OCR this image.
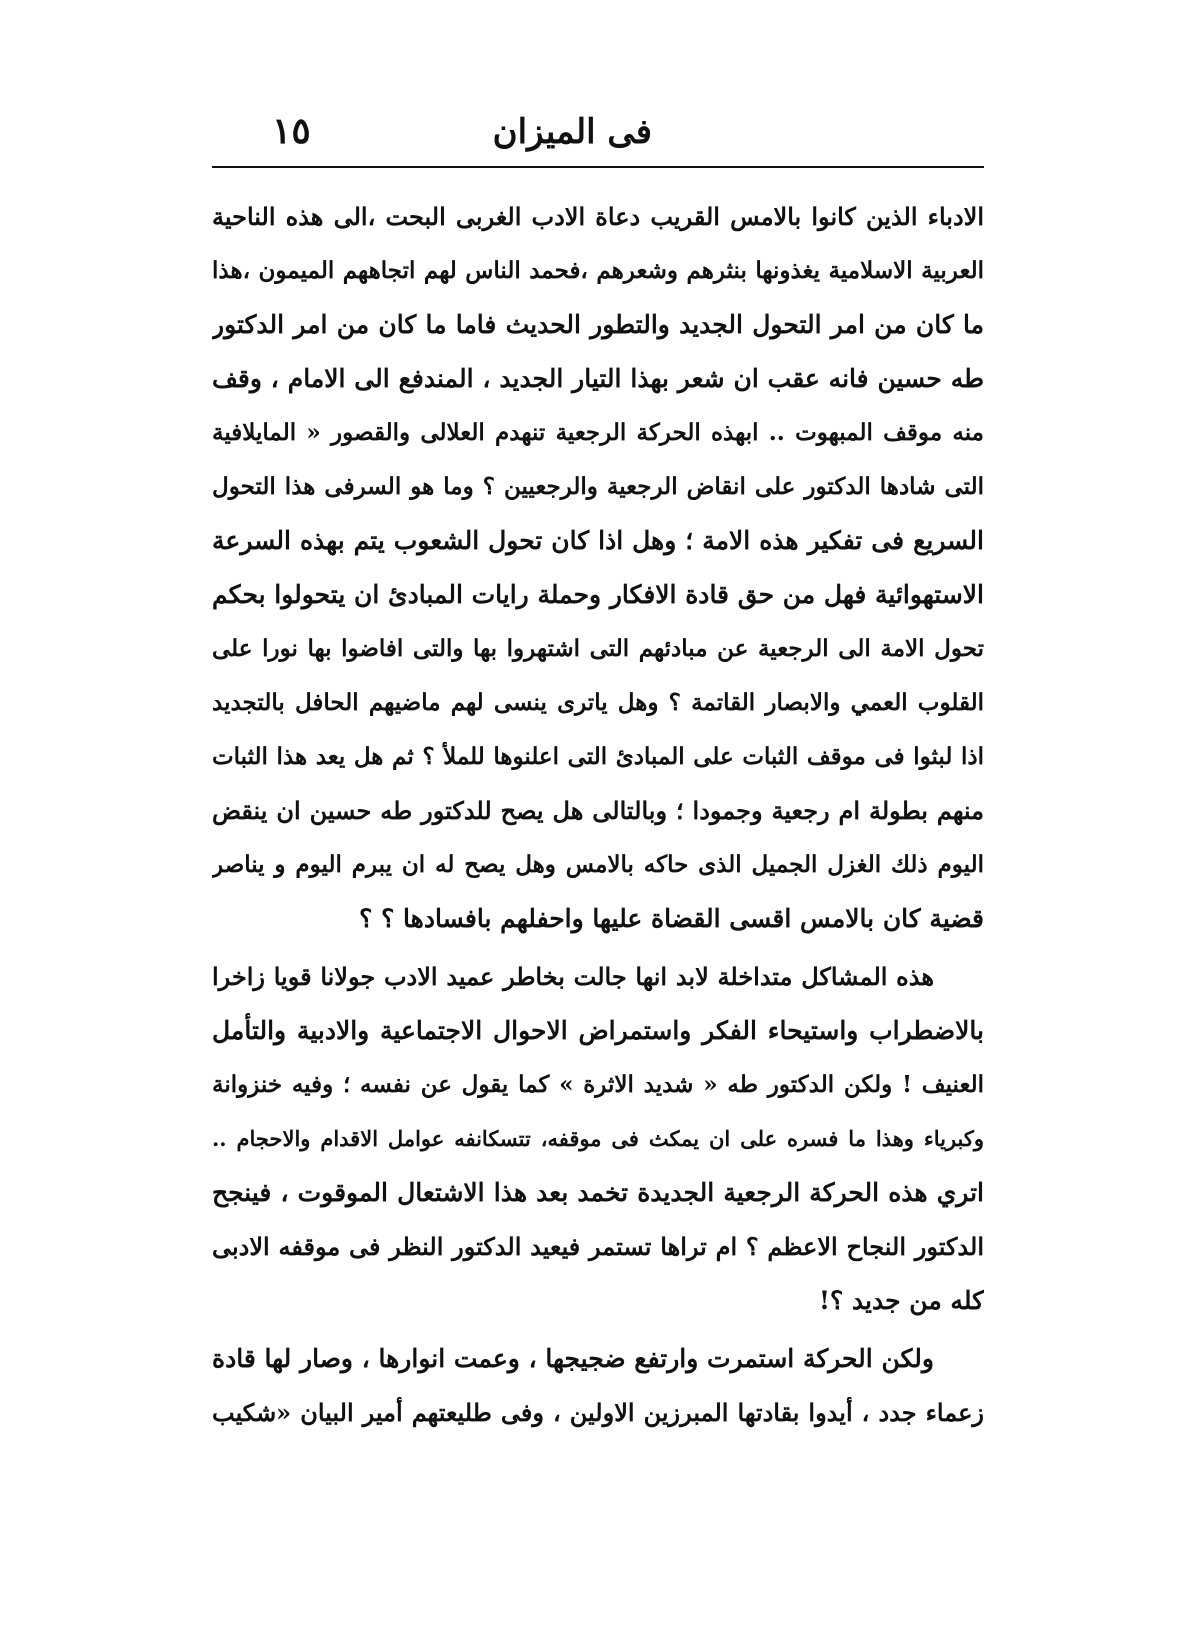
فى الميزان
١٥

الادباء الذين كانوا بالامس القريب دعاة الادب الغربى البحت ،الى هذه الناحية
العربية الاسلامية يغذونها بنثرهم وشعرهم ،فحمد الناس لهم اتجاههم الميمون ،هذا
ما كان من امر التحول الجديد والتطور الحديث فاما ما كان من امر الدكتور
طه حسين فانه عقب ان شعر بهذا التيار الجديد ، المندفع الى الامام ، وقف
منه موقف المبهوت .. ابهذه الحركة الرجعية تنهدم العلالى والقصور « المايلافية
التى شادها الدكتور على انقاض الرجعية والرجعيين ؟ وما هو السرفى هذا التحول
السريع فى تفكير هذه الامة ؛ وهل اذا كان تحول الشعوب يتم بهذه السرعة
الاستهوائية فهل من حق قادة الافكار وحملة رايات المبادئ ان يتحولوا بحكم
تحول الامة الى الرجعية عن مبادئهم التى اشتهروا بها والتى افاضوا بها نورا على
القلوب العمي والابصار القاتمة ؟ وهل ياترى ينسى لهم ماضيهم الحافل بالتجديد
اذا لبثوا فى موقف الثبات على المبادئ التى اعلنوها للملأ ؟ ثم هل يعد هذا الثبات
منهم بطولة ام رجعية وجمودا ؛ وبالتالى هل يصح للدكتور طه حسين ان ينقض
اليوم ذلك الغزل الجميل الذى حاكه بالامس وهل يصح له ان يبرم اليوم و يناصر
قضية كان بالامس اقسى القضاة عليها واحفلهم بافسادها ؟ ؟

هذه المشاكل متداخلة لابد انها جالت بخاطر عميد الادب جولانا قويا زاخرا
بالاضطراب واستيحاء الفكر واستمراض الاحوال الاجتماعية والادبية والتأمل
العنيف ! ولكن الدكتور طه « شديد الاثرة » كما يقول عن نفسه ؛ وفيه خنزوانة
وكبرياء وهذا ما فسره على ان يمكث فى موقفه، تتسكانفه عوامل الاقدام والاحجام ..
اتري هذه الحركة الرجعية الجديدة تخمد بعد هذا الاشتعال الموقوت ، فينجح
الدكتور النجاح الاعظم ؟ ام تراها تستمر فيعيد الدكتور النظر فى موقفه الادبى
كله من جديد ؟!

ولكن الحركة استمرت وارتفع ضجيجها ، وعمت انوارها ، وصار لها قادة
زعماء جدد ، أيدوا بقادتها المبرزين الاولين ، وفى طليعتهم أمير البيان «شكيب
